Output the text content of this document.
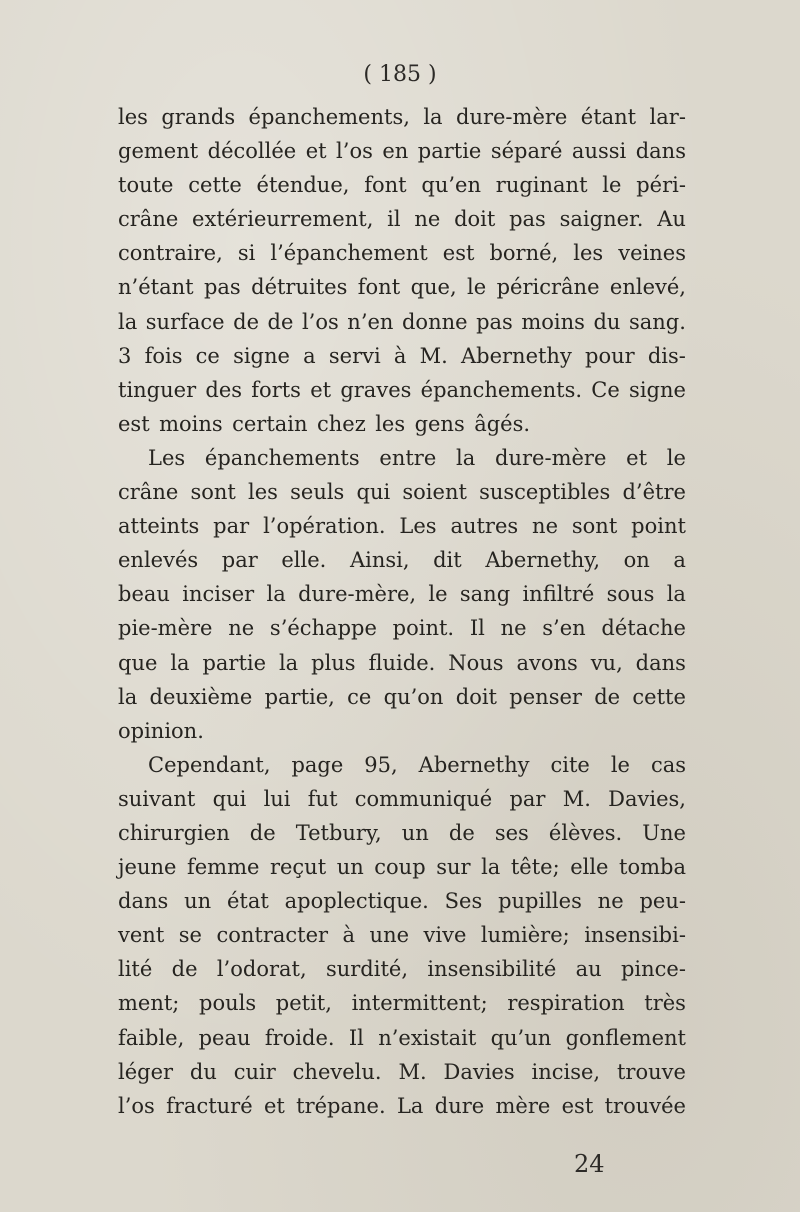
( 185 )
les grands épanchements, la dure-mère étant lar-
gement décollée et l’os en partie séparé aussi dans
toute cette étendue, font qu’en ruginant le péri-
crâne extérieurrement, il ne doit pas saigner. Au
contraire, si l’épanchement est borné, les veines
n’étant pas détruites font que, le péricrâne enlevé,
la surface de de l’os n’en donne pas moins du sang.
3 fois ce signe a servi à M. Abernethy pour dis-
tinguer des forts et graves épanchements. Ce signe
est moins certain chez les gens âgés.
Les épanchements entre la dure-mère et le
crâne sont les seuls qui soient susceptibles d’être
atteints par l’opération. Les autres ne sont point
enlevés par elle. Ainsi, dit Abernethy, on a
beau inciser la dure-mère, le sang infiltré sous la
pie-mère ne s’échappe point. Il ne s’en détache
que la partie la plus fluide. Nous avons vu, dans
la deuxième partie, ce qu’on doit penser de cette
opinion.
Cependant, page 95, Abernethy cite le cas
suivant qui lui fut communiqué par M. Davies,
chirurgien de Tetbury, un de ses élèves. Une
jeune femme reçut un coup sur la tête; elle tomba
dans un état apoplectique. Ses pupilles ne peu-
vent se contracter à une vive lumière; insensibi-
lité de l’odorat, surdité, insensibilité au pince-
ment; pouls petit, intermittent; respiration très
faible, peau froide. Il n’existait qu’un gonflement
léger du cuir chevelu. M. Davies incise, trouve
l’os fracturé et trépane. La dure mère est trouvée
24
